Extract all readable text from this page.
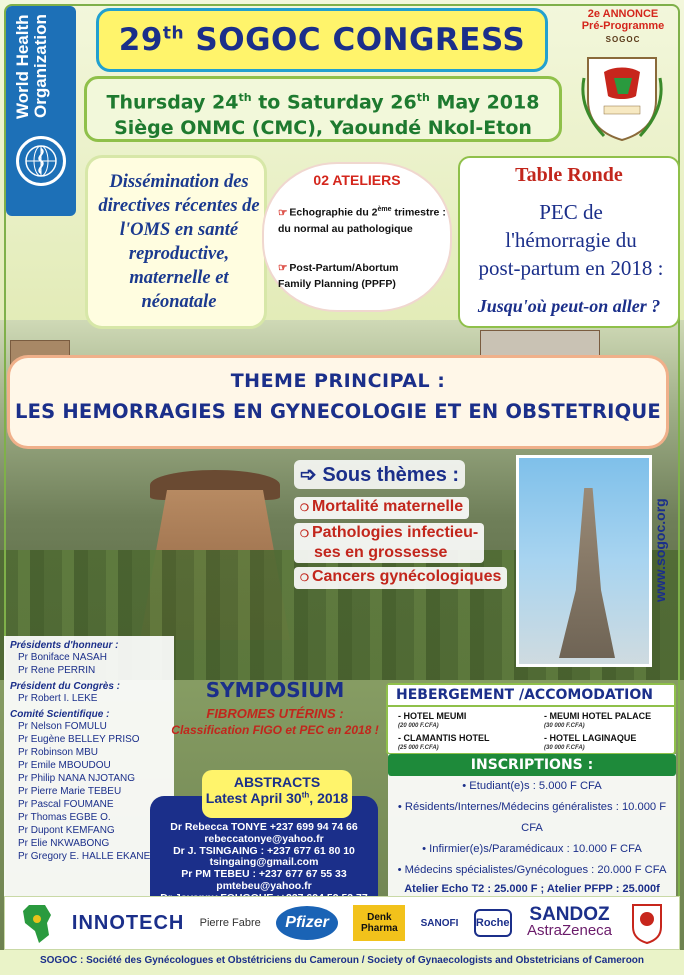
World Health Organization	29th SOGOC CONGRESS
Thursday 24th to Saturday 26th May 2018
Siège ONMC (CMC), Yaoundé Nkol-Eton
2e ANNONCE
Pré-Programme
SOGOC
Dissémination des directives récentes de l'OMS en santé reproductive, maternelle et néonatale
02 ATELIERS
☞ Echographie du 2ème trimestre :
du normal au pathologique
☞ Post-Partum/Abortum
Family Planning (PPFP)
Table Ronde
PEC de
l'hémorragie du
post-partum en 2018 :
Jusqu'où peut-on aller ?
THEME PRINCIPAL :
LES HEMORRAGIES EN GYNECOLOGIE ET EN OBSTETRIQUE
➩ Sous thèmes :
❍ Mortalité maternelle
❍ Pathologies infectieu-
ses en grossesse
❍ Cancers gynécologiques	www.sogoc.org
Présidents d'honneur :
Pr Boniface NASAH
Pr Rene PERRIN
Président du Congrès :
Pr Robert I. LEKE
Comité Scientifique :
Pr Nelson FOMULU
Pr Eugène BELLEY PRISO
Pr Robinson MBU
Pr Emile MBOUDOU
Pr Philip NANA NJOTANG
Pr Pierre Marie TEBEU
Pr Pascal FOUMANE
Pr Thomas EGBE O.
Pr Dupont KEMFANG
Pr Elie NKWABONG
Pr Gregory E. HALLE EKANE
SYMPOSIUM
FIBROMES UTÉRINS :
Classification FIGO et PEC en 2018 !
Dr Rebecca TONYE +237 699 94 74 66
rebeccatonye@yahoo.fr
Dr J. TSINGAING : +237 677 61 80 10
tsingaing@gmail.com
Pr PM TEBEU : +237 677 67 55 33
pmtebeu@yahoo.fr
ABSTRACTS
Latest April 30th, 2018
HEBERGEMENT /ACCOMODATION
- HOTEL MEUMI
(20 000 F.CFA)
- MEUMI HOTEL PALACE
(30 000 F.CFA)
- CLAMANTIS HOTEL
(25 000 F.CFA)
- HOTEL LAGINAQUE
(30 000 F.CFA)
INSCRIPTIONS :
• Etudiant(e)s : 5.000 F CFA
• Résidents/Internes/Médecins généralistes : 10.000 F CFA
• Infirmier(e)s/Paramédicaux : 10.000 F CFA
• Médecins spécialistes/Gynécologues : 20.000 F CFA
Atelier Echo T2 : 25.000 F ; Atelier PFPP : 25.000f
INNOTECH Pierre Fabre	Pfizer	Denk Pharma	SANOFI Roche SANDOZ
AstraZeneca
SOGOC : Société des Gynécologues et Obstétriciens du Cameroun / Society of Gynaecologists and Obstetricians of Cameroon
